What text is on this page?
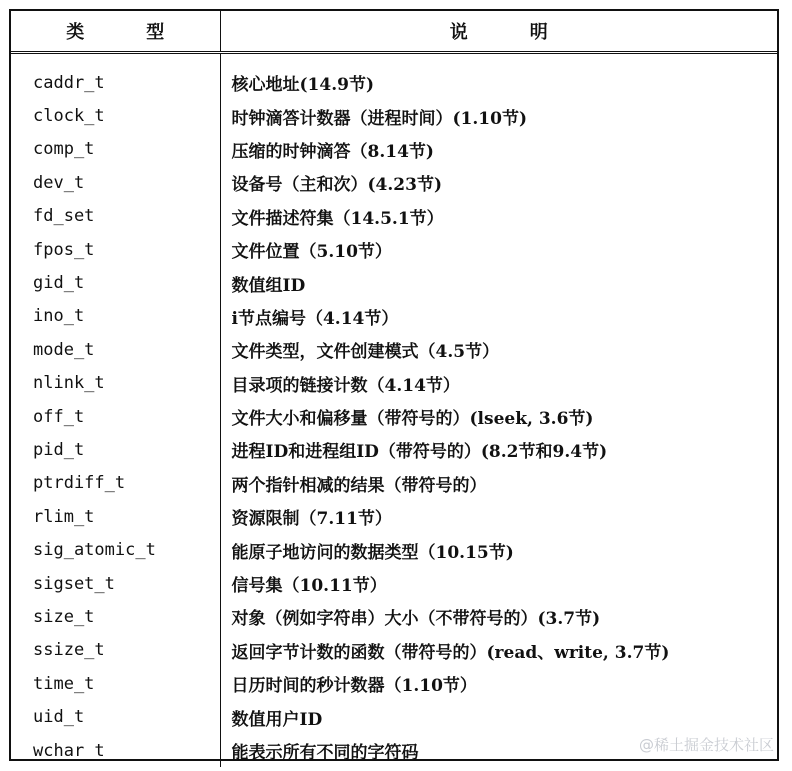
类　型	说　明

caddr_t	核心地址(14.9节)
clock_t	时钟滴答计数器（进程时间）(1.10节)
comp_t	压缩的时钟滴答（8.14节)
dev_t	设备号（主和次）(4.23节)
fd_set	文件描述符集（14.5.1节）
fpos_t	文件位置（5.10节）
gid_t	数值组ID
ino_t	i节点编号（4.14节）
mode_t	文件类型，文件创建模式（4.5节）
nlink_t	目录项的链接计数（4.14节）
off_t	文件大小和偏移量（带符号的）(lseek, 3.6节)
pid_t	进程ID和进程组ID（带符号的）(8.2节和9.4节)
ptrdiff_t	两个指针相减的结果（带符号的）
rlim_t	资源限制（7.11节）
sig_atomic_t	能原子地访问的数据类型（10.15节)
sigset_t	信号集（10.11节）
size_t	对象（例如字符串）大小（不带符号的）(3.7节)
ssize_t	返回字节计数的函数（带符号的）(read、write, 3.7节)
time_t	日历时间的秒计数器（1.10节）
uid_t	数值用户ID
wchar_t	能表示所有不同的字符码	@稀土掘金技术社区
